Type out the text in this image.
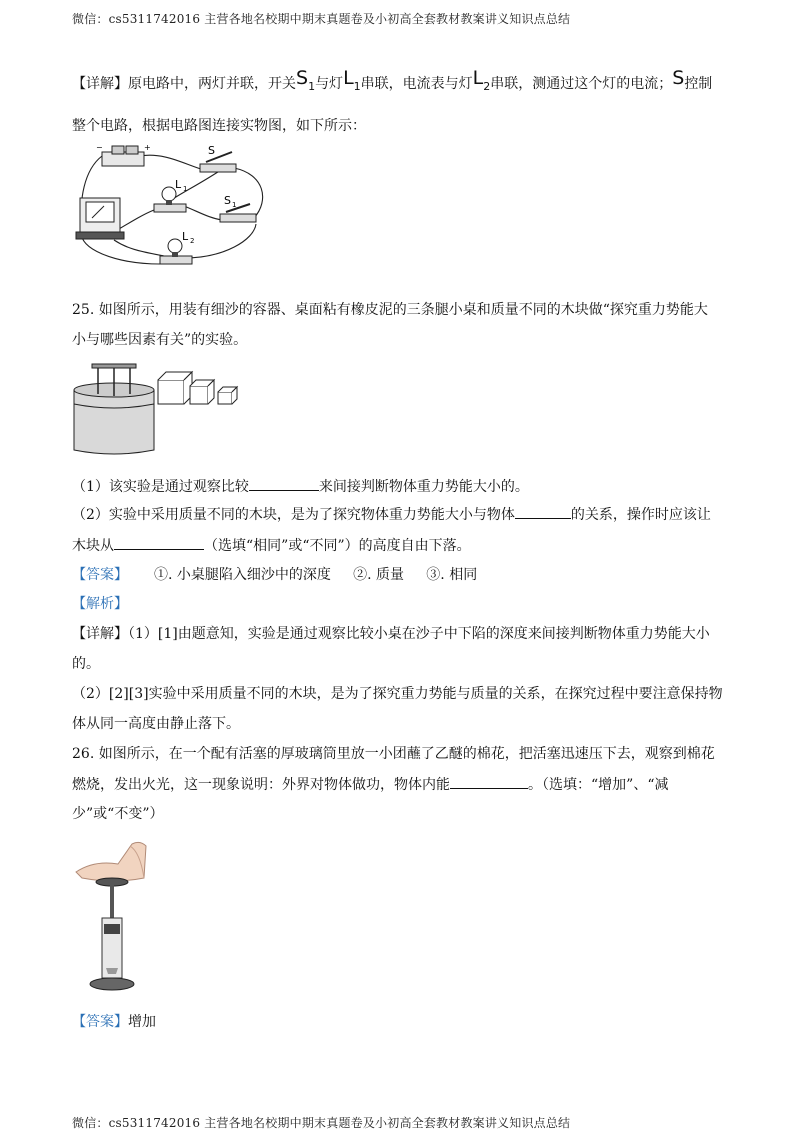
微信：cs5311742016 主营各地名校期中期末真题卷及小初高全套教材教案讲义知识点总结
【详解】原电路中，两灯并联，开关S1与灯L1串联，电流表与灯L2串联，测通过这个灯的电流；S控制
整个电路，根据电路图连接实物图，如下所示：
−	+	S
L 1
S 1
L 2
25. 如图所示，用装有细沙的容器、桌面粘有橡皮泥的三条腿小桌和质量不同的木块做“探究重力势能大
小与哪些因素有关”的实验。
（1）该实验是通过观察比较	来间接判断物体重力势能大小的。
（2）实验中采用质量不同的木块，是为了探究物体重力势能大小与物体	的关系，操作时应该让
木块从	（选填“相同”或“不同”）的高度自由下落。
【答案】 ①. 小桌腿陷入细沙中的深度     ②. 质量     ③. 相同
【解析】
【详解】（1）[1]由题意知，实验是通过观察比较小桌在沙子中下陷的深度来间接判断物体重力势能大小
的。
（2）[2][3]实验中采用质量不同的木块，是为了探究重力势能与质量的关系，在探究过程中要注意保持物
体从同一高度由静止落下。
26. 如图所示，在一个配有活塞的厚玻璃筒里放一小团蘸了乙醚的棉花，把活塞迅速压下去，观察到棉花
燃烧，发出火光，这一现象说明：外界对物体做功，物体内能	。（选填：“增加”、“减
少”或“不变”）
【答案】增加
微信：cs5311742016 主营各地名校期中期末真题卷及小初高全套教材教案讲义知识点总结
